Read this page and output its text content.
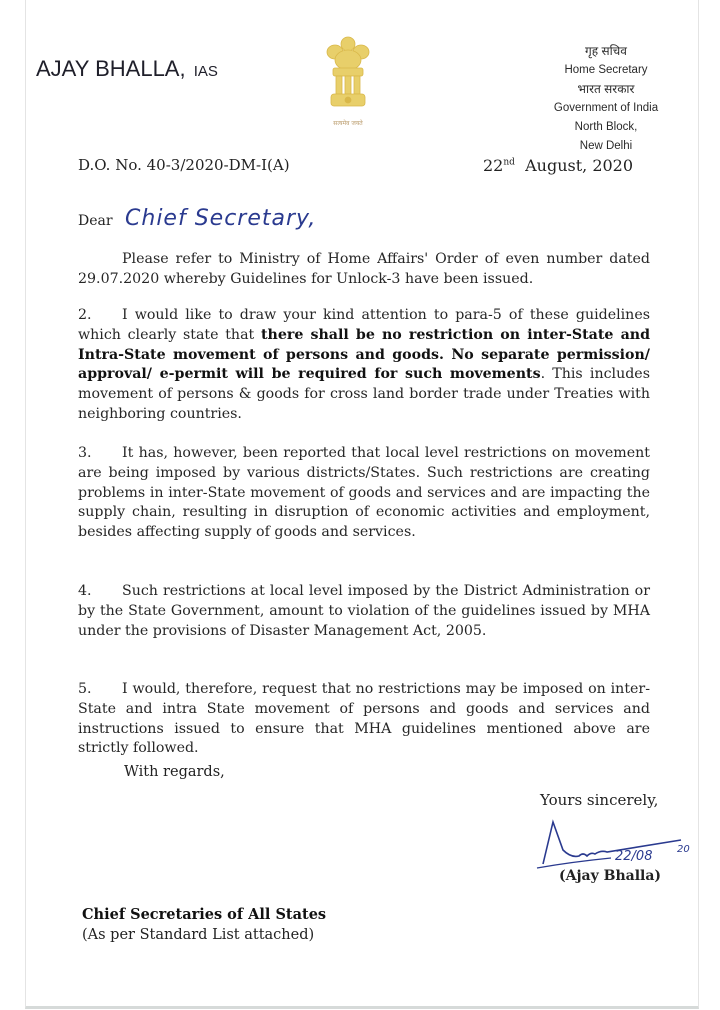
AJAY BHALLA, IAS
सत्यमेव जयते
गृह सचिव
Home Secretary
भारत सरकार
Government of India
North Block,
New Delhi
D.O. No. 40-3/2020-DM-I(A)	22nd August, 2020
Dear Chief Secretary,
Please refer to Ministry of Home Affairs' Order of even number dated 29.07.2020 whereby Guidelines for Unlock-3 have been issued.
2. I would like to draw your kind attention to para-5 of these guidelines which clearly state that there shall be no restriction on inter-State and Intra-State movement of persons and goods. No separate permission/ approval/ e-permit will be required for such movements. This includes movement of persons & goods for cross land border trade under Treaties with neighboring countries.
3. It has, however, been reported that local level restrictions on movement are being imposed by various districts/States. Such restrictions are creating problems in inter-State movement of goods and services and are impacting the supply chain, resulting in disruption of economic activities and employment, besides affecting supply of goods and services.
4. Such restrictions at local level imposed by the District Administration or by the State Government, amount to violation of the guidelines issued by MHA under the provisions of Disaster Management Act, 2005.
5. I would, therefore, request that no restrictions may be imposed on inter-State and intra State movement of persons and goods and services and instructions issued to ensure that MHA guidelines mentioned above are strictly followed.
With regards,
Yours sincerely,
22/08 20
(Ajay Bhalla)
Chief Secretaries of All States
(As per Standard List attached)
